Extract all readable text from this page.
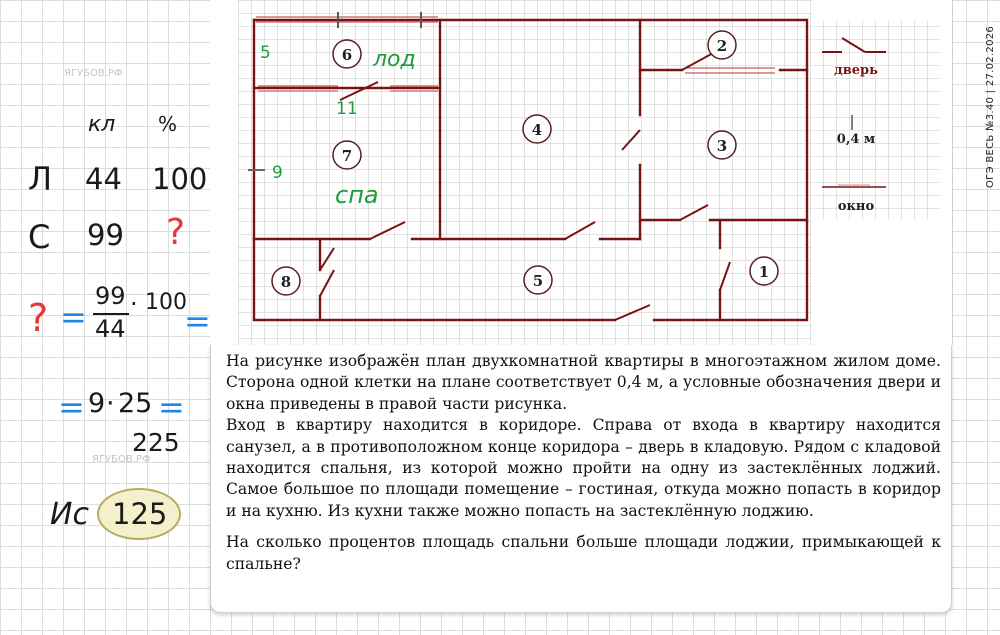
ОГЭ ВЕСЬ №3.40 | 27.02.2026
ЯГУБОВ.РФ
ЯГУБОВ.РФ
6
7
4
2
3
8	5	1
дверь
0,4 м
окно
5	лод
11
9
спа
кл %
Л 44 100
С 99 ?
? =
99
44
· 100
=
= 9 · 25 =
225
Ис 125

На рисунке изображён план двухкомнатной квартиры в многоэтажном жилом доме. Сторона одной клетки на плане соответствует 0,4 м, а условные обозначения двери и окна приведены в правой части рисунка.

Вход в квартиру находится в коридоре. Справа от входа в квартиру находится санузел, а в противоположном конце коридора – дверь в кладовую. Рядом с кладовой находится спальня, из которой можно пройти на одну из застеклённых лоджий. Самое большое по площади помещение – гостиная, откуда можно попасть в коридор и на кухню. Из кухни также можно попасть на застеклённую лоджию.

На сколько процентов площадь спальни больше площади лоджии, примыкающей к спальне?
